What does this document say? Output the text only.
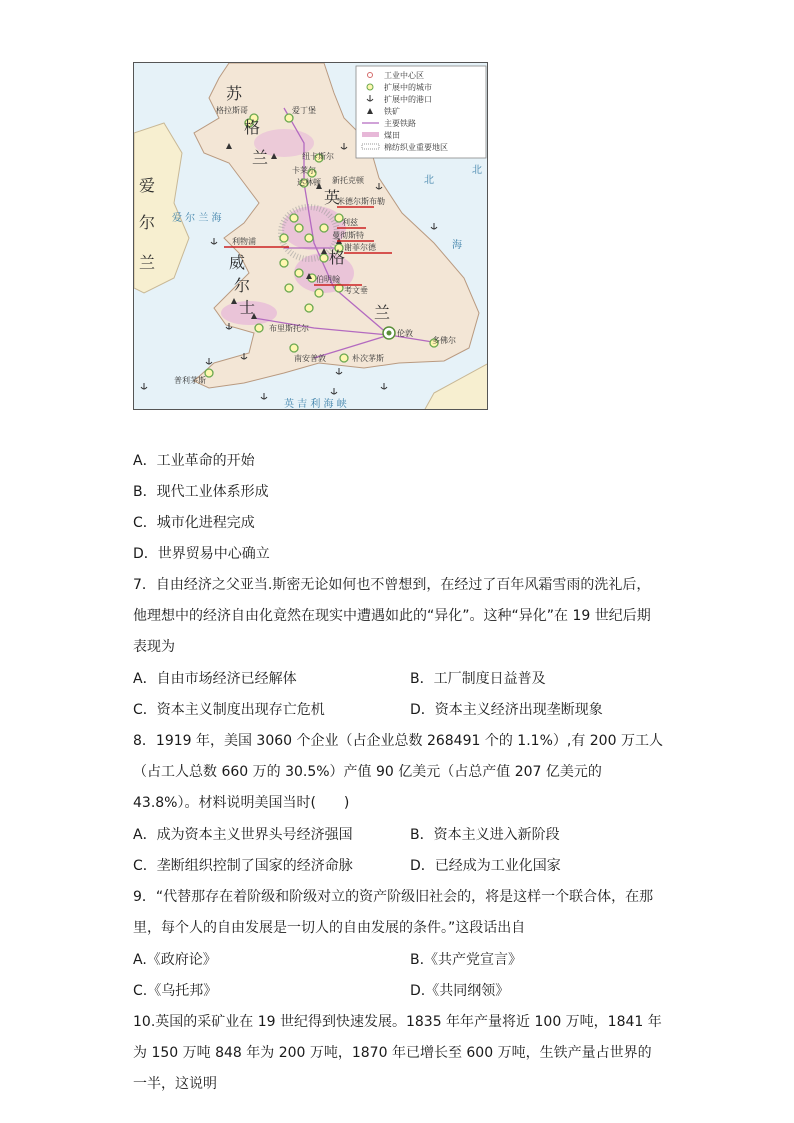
苏
格
兰
爱
尔
兰	威
尔
士
英
格
兰
爱 尔 兰 海
北
海
英 吉 利 海 峡
北
格拉斯哥	爱丁堡
纽卡斯尔
卡莱尔
达林顿 新托克顿
米德尔斯布勒
利兹
曼彻斯特
谢菲尔德
利物浦
伯明翰
考文垂
布里斯托尔
伦敦
南安普敦	朴次茅斯
多佛尔
普利茅斯
工业中心区
扩展中的城市
扩展中的港口
铁矿
主要铁路
煤田
棉纺织业重要地区
A．工业革命的开始
B．现代工业体系形成
C．城市化进程完成
D．世界贸易中心确立
7．自由经济之父亚当.斯密无论如何也不曾想到，在经过了百年风霜雪雨的洗礼后，他理想中的经济自由化竟然在现实中遭遇如此的“异化”。这种“异化”在 19 世纪后期表现为
A．自由市场经济已经解体	B．工厂制度日益普及
C．资本主义制度出现存亡危机	D．资本主义经济出现垄断现象
8．1919 年，美国 3060 个企业（占企业总数 268491 个的 1.1%）,有 200 万工人（占工人总数 660 万的 30.5%）产值 90 亿美元（占总产值 207 亿美元的 43.8%）。材料说明美国当时(　　)
A．成为资本主义世界头号经济强国	B．资本主义进入新阶段
C．垄断组织控制了国家的经济命脉	D．已经成为工业化国家
9．“代替那存在着阶级和阶级对立的资产阶级旧社会的，将是这样一个联合体，在那里，每个人的自由发展是一切人的自由发展的条件。”这段话出自
A.《政府论》	B.《共产党宣言》
C.《乌托邦》	D.《共同纲领》
10.英国的采矿业在 19 世纪得到快速发展。1835 年年产量将近 100 万吨，1841 年为 150 万吨 848 年为 200 万吨，1870 年已增长至 600 万吨，生铁产量占世界的一半，这说明
